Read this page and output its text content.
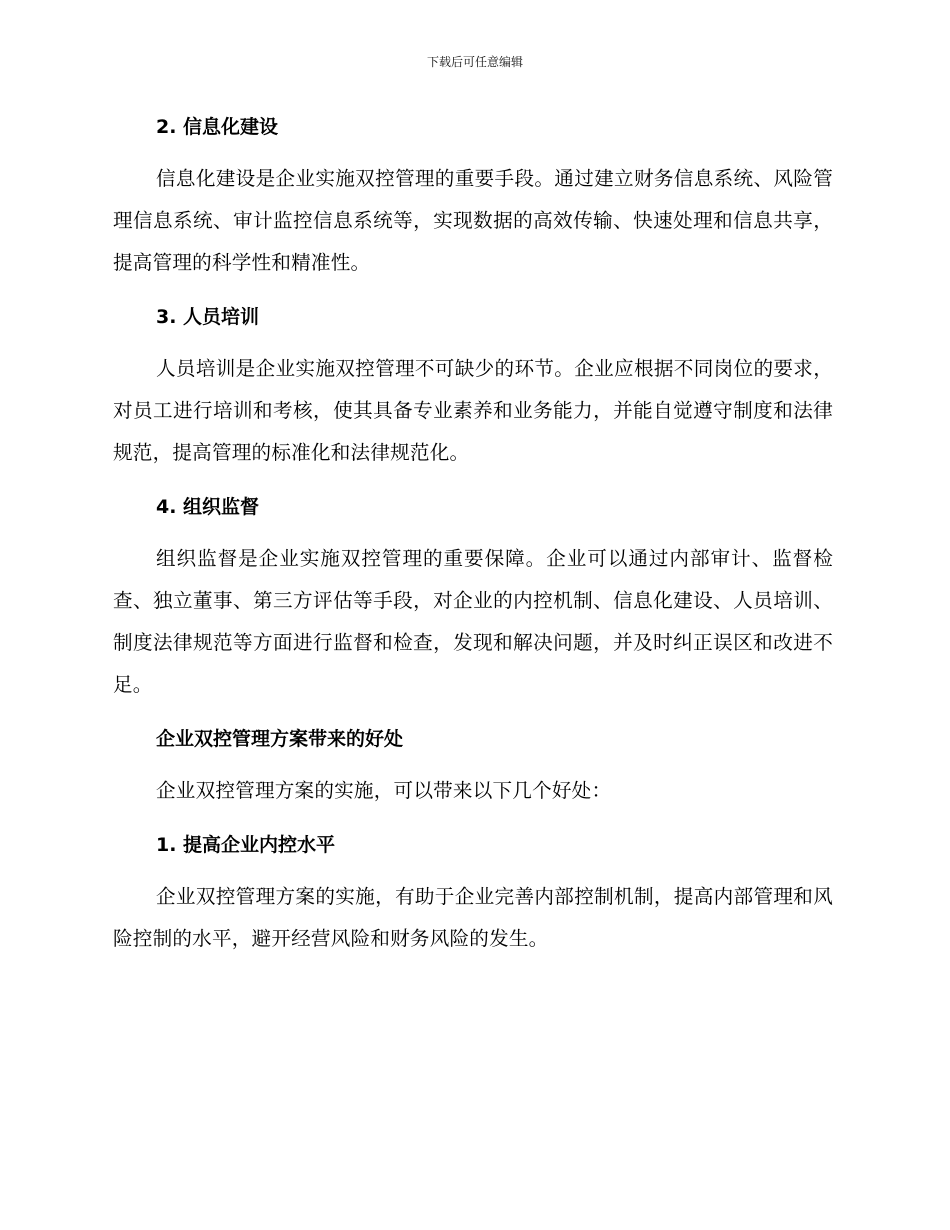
下载后可任意编辑
2. 信息化建设

信息化建设是企业实施双控管理的重要手段。通过建立财务信息系统、风险管理信息系统、审计监控信息系统等，实现数据的高效传输、快速处理和信息共享，提高管理的科学性和精准性。

3. 人员培训

人员培训是企业实施双控管理不可缺少的环节。企业应根据不同岗位的要求，对员工进行培训和考核，使其具备专业素养和业务能力，并能自觉遵守制度和法律规范，提高管理的标准化和法律规范化。

4. 组织监督

组织监督是企业实施双控管理的重要保障。企业可以通过内部审计、监督检查、独立董事、第三方评估等手段，对企业的内控机制、信息化建设、人员培训、制度法律规范等方面进行监督和检查，发现和解决问题，并及时纠正误区和改进不足。

企业双控管理方案带来的好处

企业双控管理方案的实施，可以带来以下几个好处：

1. 提高企业内控水平

企业双控管理方案的实施，有助于企业完善内部控制机制，提高内部管理和风险控制的水平，避开经营风险和财务风险的发生。
